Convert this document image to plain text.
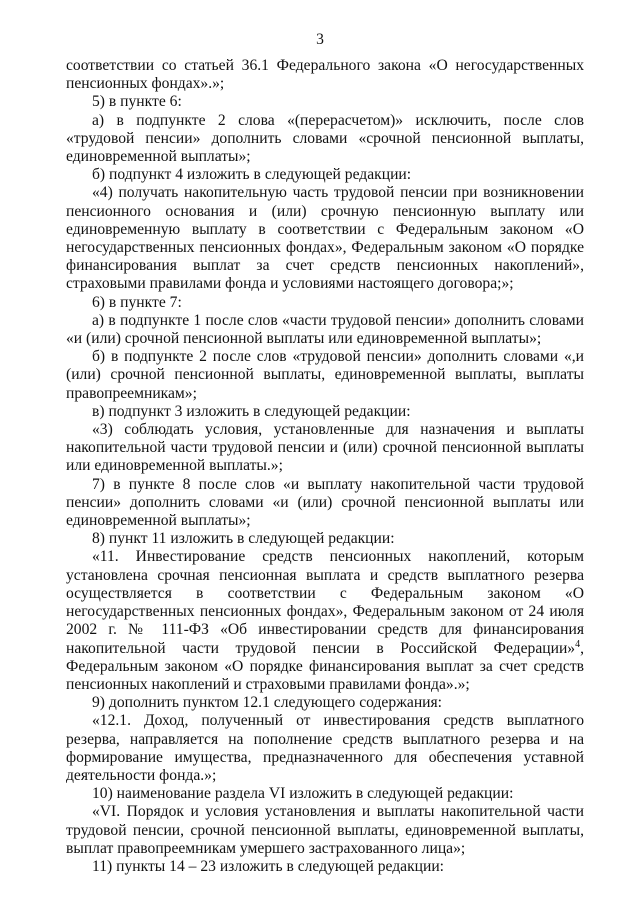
3

соответствии со статьей 36.1 Федерального закона «О негосударственных пенсионных фондах».»;

5) в пункте 6:

а) в подпункте 2 слова «(перерасчетом)» исключить, после слов «трудовой пенсии» дополнить словами «срочной пенсионной выплаты, единовременной выплаты»;

б) подпункт 4 изложить в следующей редакции:

«4) получать накопительную часть трудовой пенсии при возникновении пенсионного основания и (или) срочную пенсионную выплату или единовременную выплату в соответствии с Федеральным законом «О негосударственных пенсионных фондах», Федеральным законом «О порядке финансирования выплат за счет средств пенсионных накоплений», страховыми правилами фонда и условиями настоящего договора;»;

6) в пункте 7:

а) в подпункте 1 после слов «части трудовой пенсии» дополнить словами «и (или) срочной пенсионной выплаты или единовременной выплаты»;

б) в подпункте 2 после слов «трудовой пенсии» дополнить словами «,и (или) срочной пенсионной выплаты, единовременной выплаты, выплаты правопреемникам»;

в) подпункт 3 изложить в следующей редакции:

«3) соблюдать условия, установленные для назначения и выплаты накопительной части трудовой пенсии и (или) срочной пенсионной выплаты или единовременной выплаты.»;

7) в пункте 8 после слов «и выплату накопительной части трудовой пенсии» дополнить словами «и (или) срочной пенсионной выплаты или единовременной выплаты»;

8) пункт 11 изложить в следующей редакции:

«11. Инвестирование средств пенсионных накоплений, которым установлена срочная пенсионная выплата и средств выплатного резерва осуществляется в соответствии с Федеральным законом «О негосударственных пенсионных фондах», Федеральным законом от 24 июля 2002 г. № 111-ФЗ «Об инвестировании средств для финансирования накопительной части трудовой пенсии в Российской Федерации»$^4$, Федеральным законом «О порядке финансирования выплат за счет средств пенсионных накоплений и страховыми правилами фонда».»;

9) дополнить пунктом 12.1 следующего содержания:

«12.1. Доход, полученный от инвестирования средств выплатного резерва, направляется на пополнение средств выплатного резерва и на формирование имущества, предназначенного для обеспечения уставной деятельности фонда.»;

10) наименование раздела VI изложить в следующей редакции:

«VI. Порядок и условия установления и выплаты накопительной части трудовой пенсии, срочной пенсионной выплаты, единовременной выплаты, выплат правопреемникам умершего застрахованного лица»;

11) пункты 14 – 23 изложить в следующей редакции:
